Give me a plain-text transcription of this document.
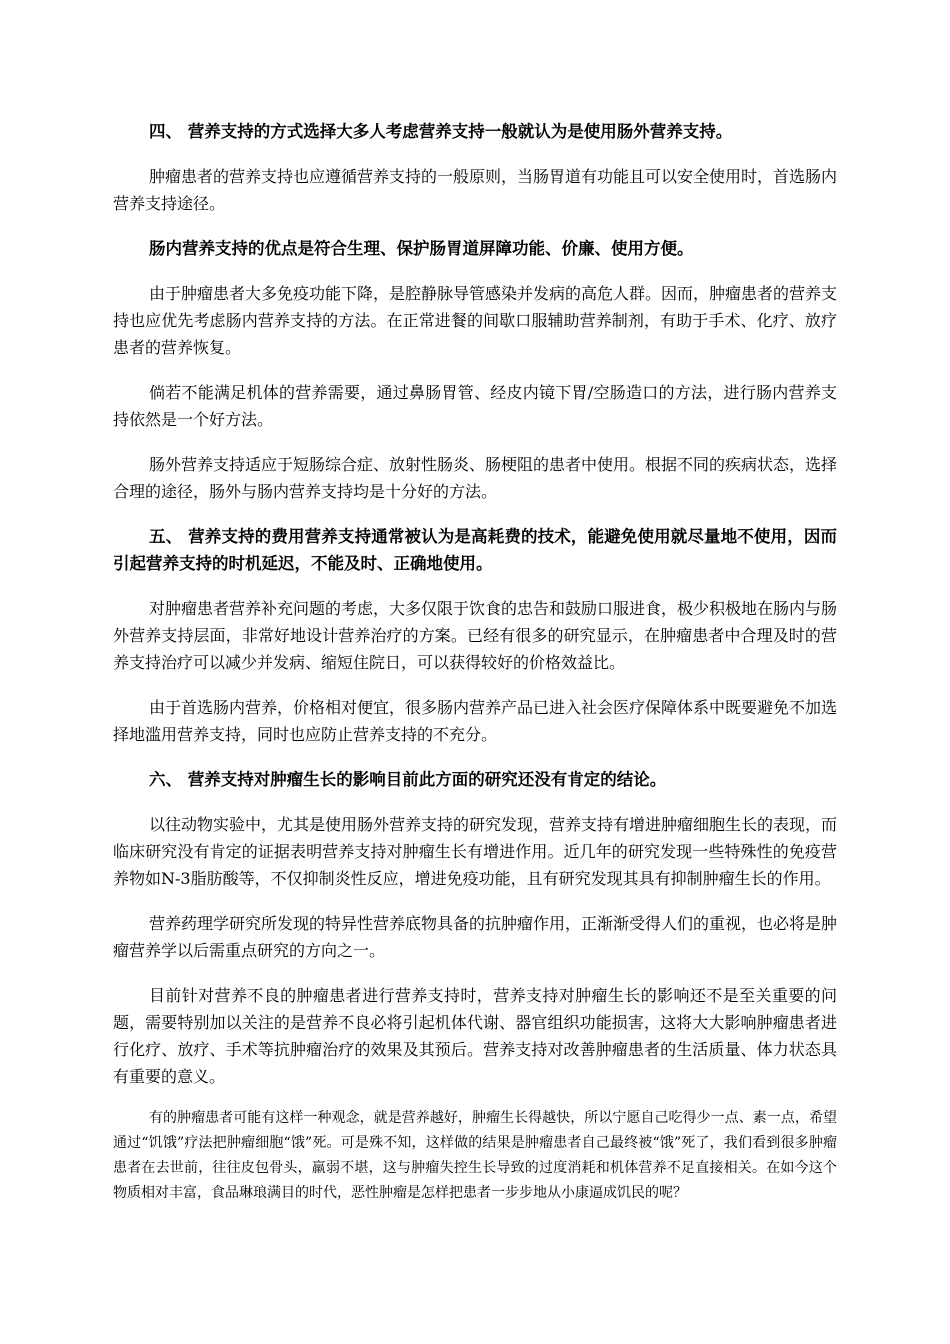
四、 营养支持的方式选择大多人考虑营养支持一般就认为是使用肠外营养支持。

肿瘤患者的营养支持也应遵循营养支持的一般原则，当肠胃道有功能且可以安全使用时，首选肠内营养支持途径。

肠内营养支持的优点是符合生理、保护肠胃道屏障功能、价廉、使用方便。

由于肿瘤患者大多免疫功能下降，是腔静脉导管感染并发病的高危人群。因而，肿瘤患者的营养支持也应优先考虑肠内营养支持的方法。在正常进餐的间歇口服辅助营养制剂，有助于手术、化疗、放疗患者的营养恢复。

倘若不能满足机体的营养需要，通过鼻肠胃管、经皮内镜下胃/空肠造口的方法，进行肠内营养支持依然是一个好方法。

肠外营养支持适应于短肠综合症、放射性肠炎、肠梗阻的患者中使用。根据不同的疾病状态，选择合理的途径，肠外与肠内营养支持均是十分好的方法。

五、 营养支持的费用营养支持通常被认为是高耗费的技术，能避免使用就尽量地不使用，因而引起营养支持的时机延迟，不能及时、正确地使用。

对肿瘤患者营养补充问题的考虑，大多仅限于饮食的忠告和鼓励口服进食，极少积极地在肠内与肠外营养支持层面，非常好地设计营养治疗的方案。已经有很多的研究显示，在肿瘤患者中合理及时的营养支持治疗可以减少并发病、缩短住院日，可以获得较好的价格效益比。

由于首选肠内营养，价格相对便宜，很多肠内营养产品已进入社会医疗保障体系中既要避免不加选择地滥用营养支持，同时也应防止营养支持的不充分。

六、 营养支持对肿瘤生长的影响目前此方面的研究还没有肯定的结论。

以往动物实验中，尤其是使用肠外营养支持的研究发现，营养支持有增进肿瘤细胞生长的表现，而临床研究没有肯定的证据表明营养支持对肿瘤生长有增进作用。近几年的研究发现一些特殊性的免疫营养物如N-3脂肪酸等，不仅抑制炎性反应，增进免疫功能，且有研究发现其具有抑制肿瘤生长的作用。

营养药理学研究所发现的特异性营养底物具备的抗肿瘤作用，正渐渐受得人们的重视，也必将是肿瘤营养学以后需重点研究的方向之一。

目前针对营养不良的肿瘤患者进行营养支持时，营养支持对肿瘤生长的影响还不是至关重要的问题，需要特别加以关注的是营养不良必将引起机体代谢、器官组织功能损害，这将大大影响肿瘤患者进行化疗、放疗、手术等抗肿瘤治疗的效果及其预后。营养支持对改善肿瘤患者的生活质量、体力状态具有重要的意义。

有的肿瘤患者可能有这样一种观念，就是营养越好，肿瘤生长得越快，所以宁愿自己吃得少一点、素一点，希望通过“饥饿”疗法把肿瘤细胞“饿”死。可是殊不知，这样做的结果是肿瘤患者自己最终被“饿”死了，我们看到很多肿瘤患者在去世前，往往皮包骨头，羸弱不堪，这与肿瘤失控生长导致的过度消耗和机体营养不足直接相关。在如今这个物质相对丰富，食品琳琅满目的时代，恶性肿瘤是怎样把患者一步步地从小康逼成饥民的呢？
